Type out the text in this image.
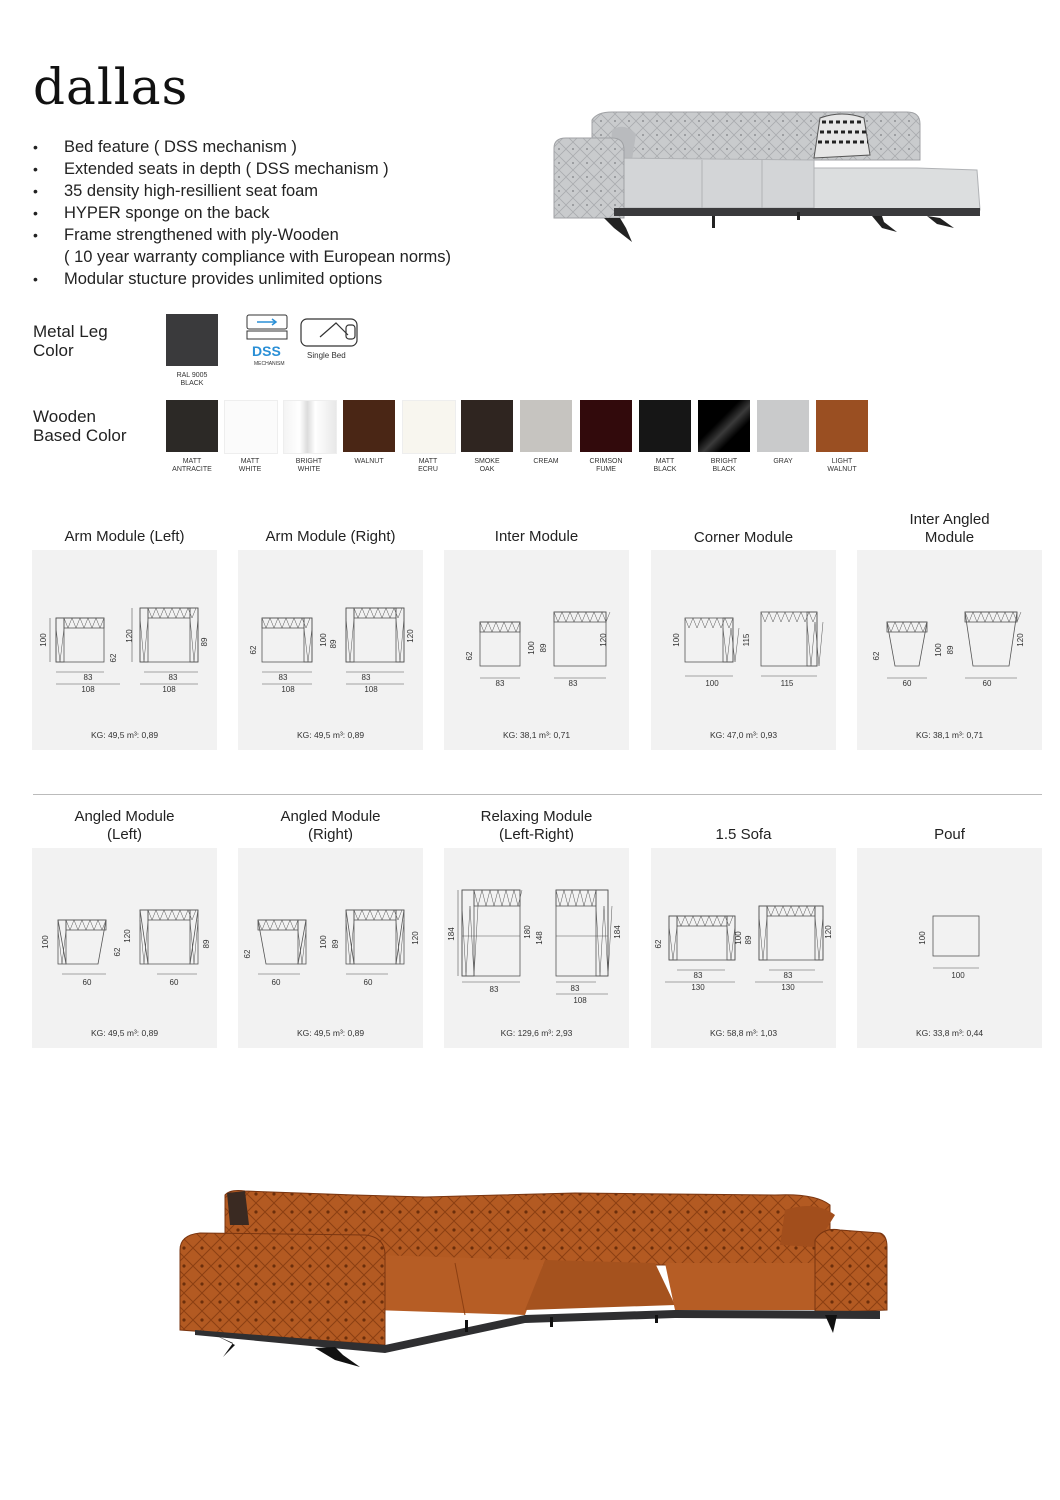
dallas
• Bed feature ( DSS mechanism )
• Extended seats in depth ( DSS mechanism )
• 35 density high-resillient seat foam
• HYPER sponge on the back
• Frame strengthened with ply-Wooden
( 10 year warranty compliance with European norms)
• Modular stucture provides unlimited options
Metal Leg
Color
RAL 9005
BLACK
DSS
MECHANISM
Single Bed
Wooden
Based Color
MATT
ANTRACITE
MATT
WHITE
BRIGHT
WHITE
WALNUT	MATT
ECRU
SMOKE
OAK
CREAM	CRIMSON
FUME
MATT
BLACK
BRIGHT
BLACK
GRAY	LIGHT
WALNUT
Arm Module (Left)	Arm Module (Right)	Inter Module	Corner Module
Inter Angled
Module
100
83
108
62
120	89
83
108
62
83
108
100 89
120
83
108
62
83
100 89
120
83
100
100
115
115
62
60
100 89
120
60
KG: 49,5 m³: 0,89	KG: 49,5 m³: 0,89	KG: 38,1 m³: 0,71	KG: 47,0 m³: 0,93	KG: 38,1 m³: 0,71
Angled Module
(Left)
Angled Module
(Right)
Relaxing Module
(Left-Right)	1.5 Sofa	Pouf
100
60
62
120
89
60
62
60
100 89	120
60
184
83
180 148	184
83
108
62
83
130
100 89
120
83
130
100
100
KG: 49,5 m³: 0,89	KG: 49,5 m³: 0,89	KG: 129,6 m³: 2,93	KG: 58,8 m³: 1,03	KG: 33,8 m³: 0,44
